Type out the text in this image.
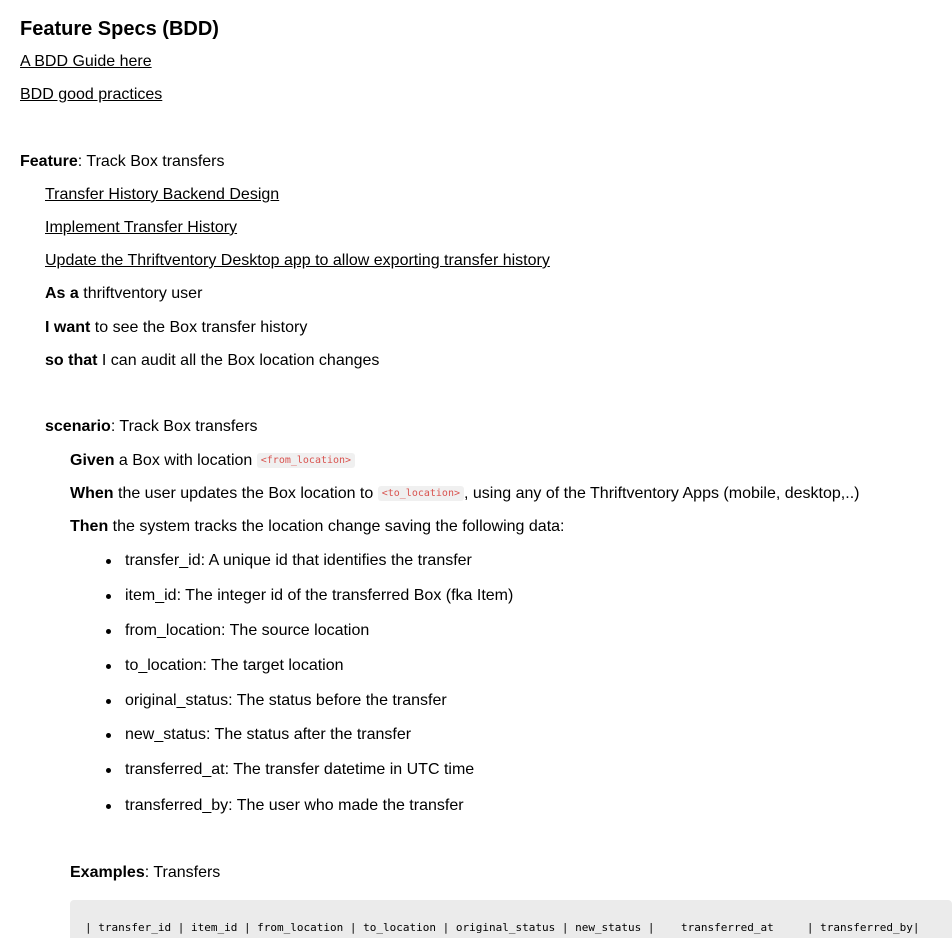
Feature Specs (BDD)
A BDD Guide here
BDD good practices
Feature: Track Box transfers
Transfer History Backend Design
Implement Transfer History
Update the Thriftventory Desktop app to allow exporting transfer history
As a thriftventory user
I want to see the Box transfer history
so that I can audit all the Box location changes
scenario: Track Box transfers
Given a Box with location <from_location>
When the user updates the Box location to <to_location> , using any of the Thriftventory Apps (mobile, desktop,..)
Then the system tracks the location change saving the following data:
transfer_id: A unique id that identifies the transfer
item_id: The integer id of the transferred Box (fka Item)
from_location: The source location
to_location: The target location
original_status: The status before the transfer
new_status: The status after the transfer
transferred_at: The transfer datetime in UTC time
transferred_by: The user who made the transfer
Examples: Transfers
| transfer_id | item_id | from_location | to_location | original_status | new_status |    transferred_at     | transferred_by|
